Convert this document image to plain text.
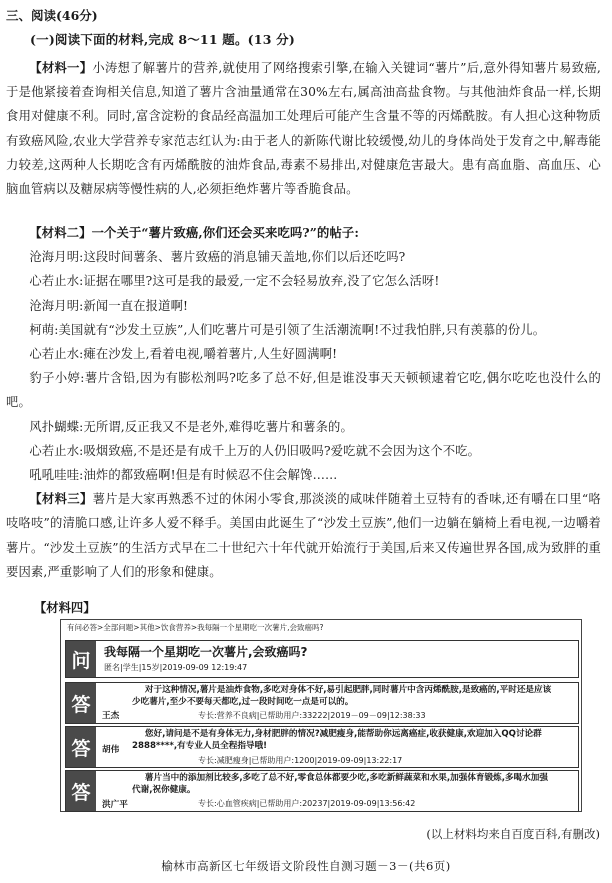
三、阅读(46分)
(一)阅读下面的材料,完成 8～11 题。(13 分)

【材料一】小涛想了解薯片的营养,就使用了网络搜索引擎,在输入关键词“薯片”后,意外得知薯片易致癌,于是他紧接着查询相关信息,知道了薯片含油量通常在30%左右,属高油高盐食物。与其他油炸食品一样,长期食用对健康不利。同时,富含淀粉的食品经高温加工处理后可能产生含量不等的丙烯酰胺。有人担心这种物质有致癌风险,农业大学营养专家范志红认为:由于老人的新陈代谢比较缓慢,幼儿的身体尚处于发育之中,解毒能力较差,这两种人长期吃含有丙烯酰胺的油炸食品,毒素不易排出,对健康危害最大。患有高血脂、高血压、心脑血管病以及糖尿病等慢性病的人,必须拒绝炸薯片等香脆食品。

【材料二】一个关于“薯片致癌,你们还会买来吃吗?”的帖子:

沧海月明:这段时间薯条、薯片致癌的消息铺天盖地,你们以后还吃吗?

心若止水:证据在哪里?这可是我的最爱,一定不会轻易放弃,没了它怎么活呀!

沧海月明:新闻一直在报道啊!

柯萌:美国就有“沙发土豆族”,人们吃薯片可是引领了生活潮流啊!不过我怕胖,只有羡慕的份儿。

心若止水:瘫在沙发上,看着电视,嚼着薯片,人生好圆满啊!

豹子小婷:薯片含铅,因为有膨松剂吗?吃多了总不好,但是谁没事天天顿顿逮着它吃,偶尔吃吃也没什么的吧。

风扑蝴蝶:无所谓,反正我又不是老外,难得吃薯片和薯条的。

心若止水:吸烟致癌,不是还是有成千上万的人仍旧吸吗?爱吃就不会因为这个不吃。

吼吼哇哇:油炸的都致癌啊!但是有时候忍不住会解馋……

【材料三】薯片是大家再熟悉不过的休闲小零食,那淡淡的咸味伴随着土豆特有的香味,还有嚼在口里“咯吱咯吱”的清脆口感,让许多人爱不释手。美国由此诞生了“沙发土豆族”,他们一边躺在躺椅上看电视,一边嚼着薯片。“沙发土豆族”的生活方式早在二十世纪六十年代就开始流行于美国,后来又传遍世界各国,成为致胖的重要因素,严重影响了人们的形象和健康。

【材料四】
有问必答>全部问题>其他>饮食营养>我每隔一个星期吃一次薯片,会致癌吗?
问	我每隔一个星期吃一次薯片,会致癌吗?
匿名|学生|15岁|2019-09-09 12:19:47
答
对于这种情况,薯片是油炸食物,多吃对身体不好,易引起肥胖,同时薯片中含丙烯酰胺,是致癌的,平时还是应该少吃薯片,至少不要每天都吃,过一段时间吃一点是可以的。
王杰	专长:营养不良病|已帮助用户:33222|2019－09－09|12:38:33
答
您好,请问是不是有身体无力,身材肥胖的情况?减肥瘦身,能帮助你远离癌症,收获健康,欢迎加入QQ讨论群2888****,有专业人员全程指导哦!
胡伟
专长:减肥瘦身|已帮助用户:1200|2019-09-09|13:22:17
答
薯片当中的添加剂比较多,多吃了总不好,零食总体都要少吃,多吃新鲜蔬菜和水果,加强体育锻炼,多喝水加强代谢,祝你健康。
洪广平	专长:心血管疾病|已帮助用户:20237|2019-09-09|13:56:42
(以上材料均来自百度百科,有删改)
榆林市高新区七年级语文阶段性自测习题－3－(共6页)
